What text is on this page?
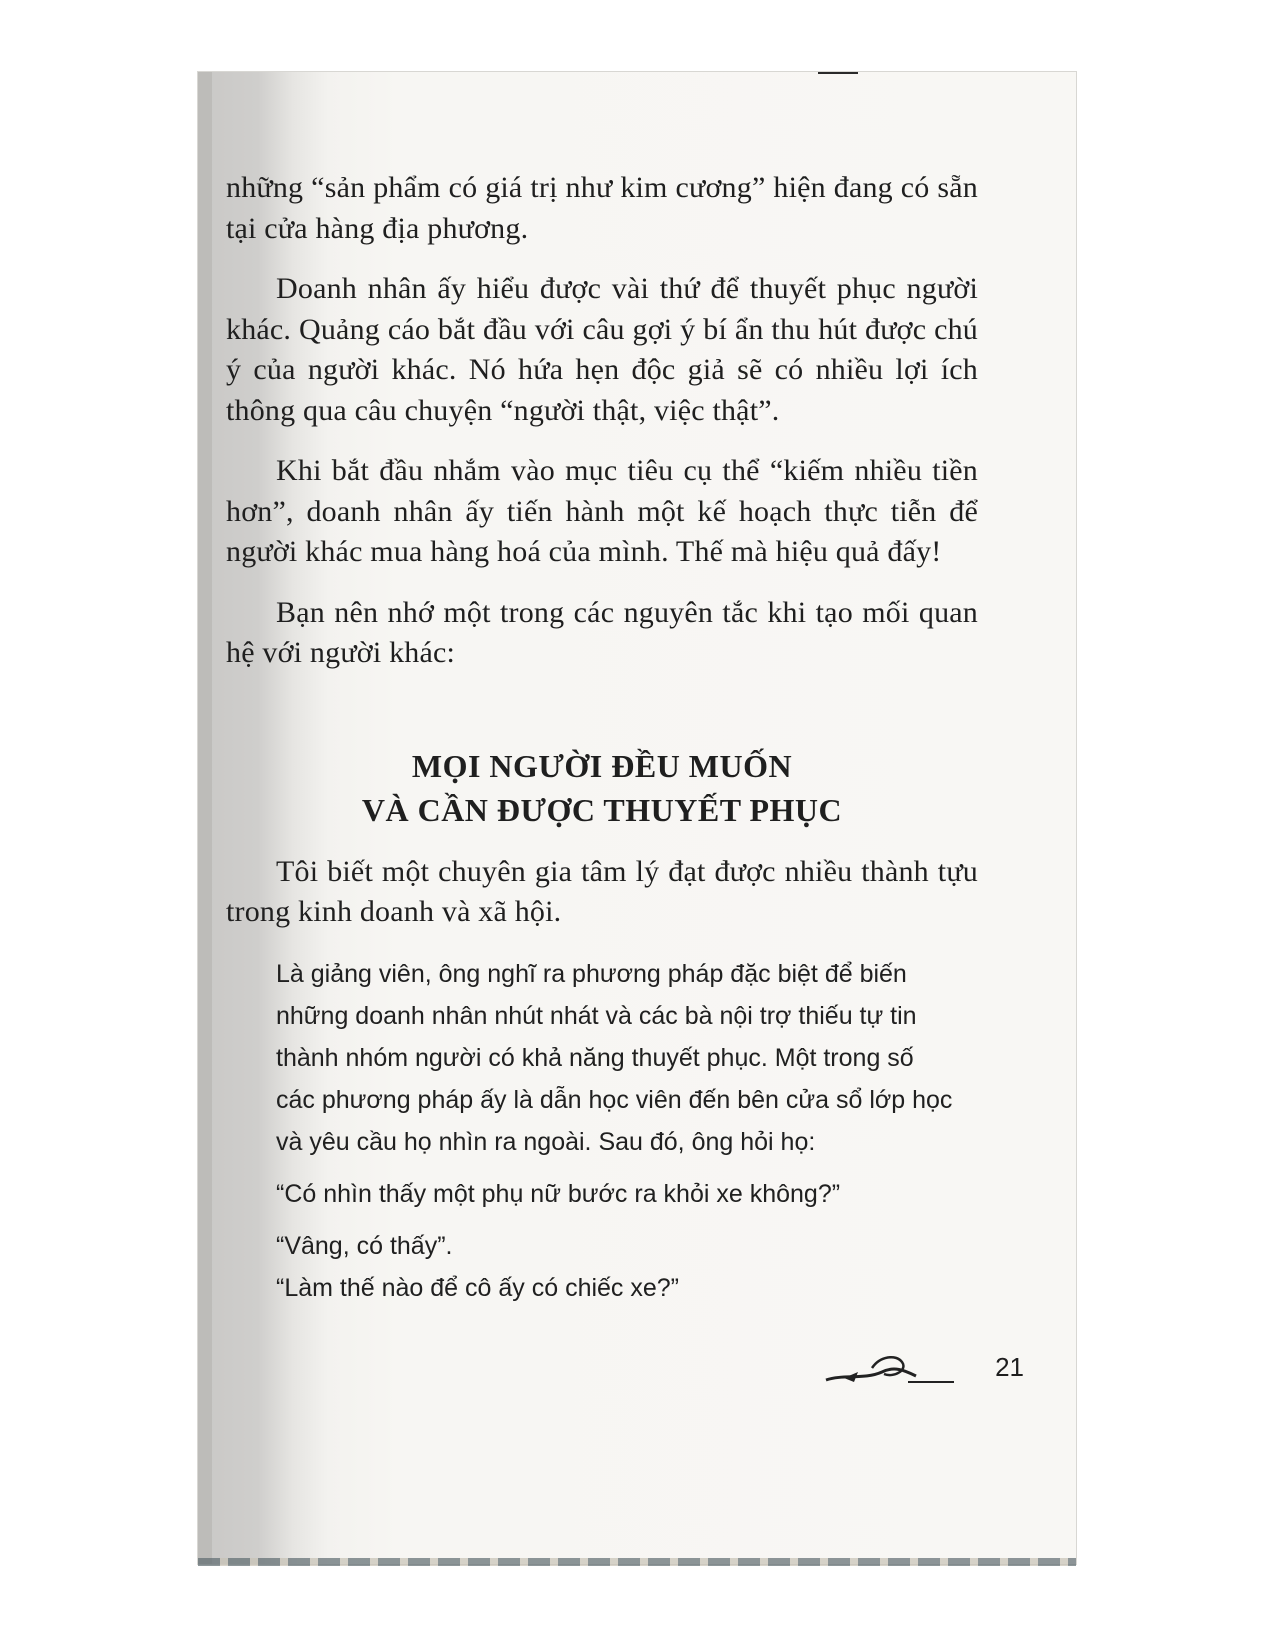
những “sản phẩm có giá trị như kim cương” hiện đang có sẵn tại cửa hàng địa phương.

Doanh nhân ấy hiểu được vài thứ để thuyết phục người khác. Quảng cáo bắt đầu với câu gợi ý bí ẩn thu hút được chú ý của người khác. Nó hứa hẹn độc giả sẽ có nhiều lợi ích thông qua câu chuyện “người thật, việc thật”.

Khi bắt đầu nhắm vào mục tiêu cụ thể “kiếm nhiều tiền hơn”, doanh nhân ấy tiến hành một kế hoạch thực tiễn để người khác mua hàng hoá của mình. Thế mà hiệu quả đấy!

Bạn nên nhớ một trong các nguyên tắc khi tạo mối quan hệ với người khác:

MỌI NGƯỜI ĐỀU MUỐN
VÀ CẦN ĐƯỢC THUYẾT PHỤC

Tôi biết một chuyên gia tâm lý đạt được nhiều thành tựu trong kinh doanh và xã hội.

Là giảng viên, ông nghĩ ra phương pháp đặc biệt để biến

những doanh nhân nhút nhát và các bà nội trợ thiếu tự tin

thành nhóm người có khả năng thuyết phục. Một trong số

các phương pháp ấy là dẫn học viên đến bên cửa sổ lớp học

và yêu cầu họ nhìn ra ngoài. Sau đó, ông hỏi họ:

“Có nhìn thấy một phụ nữ bước ra khỏi xe không?”

“Vâng, có thấy”.

“Làm thế nào để cô ấy có chiếc xe?”

21
